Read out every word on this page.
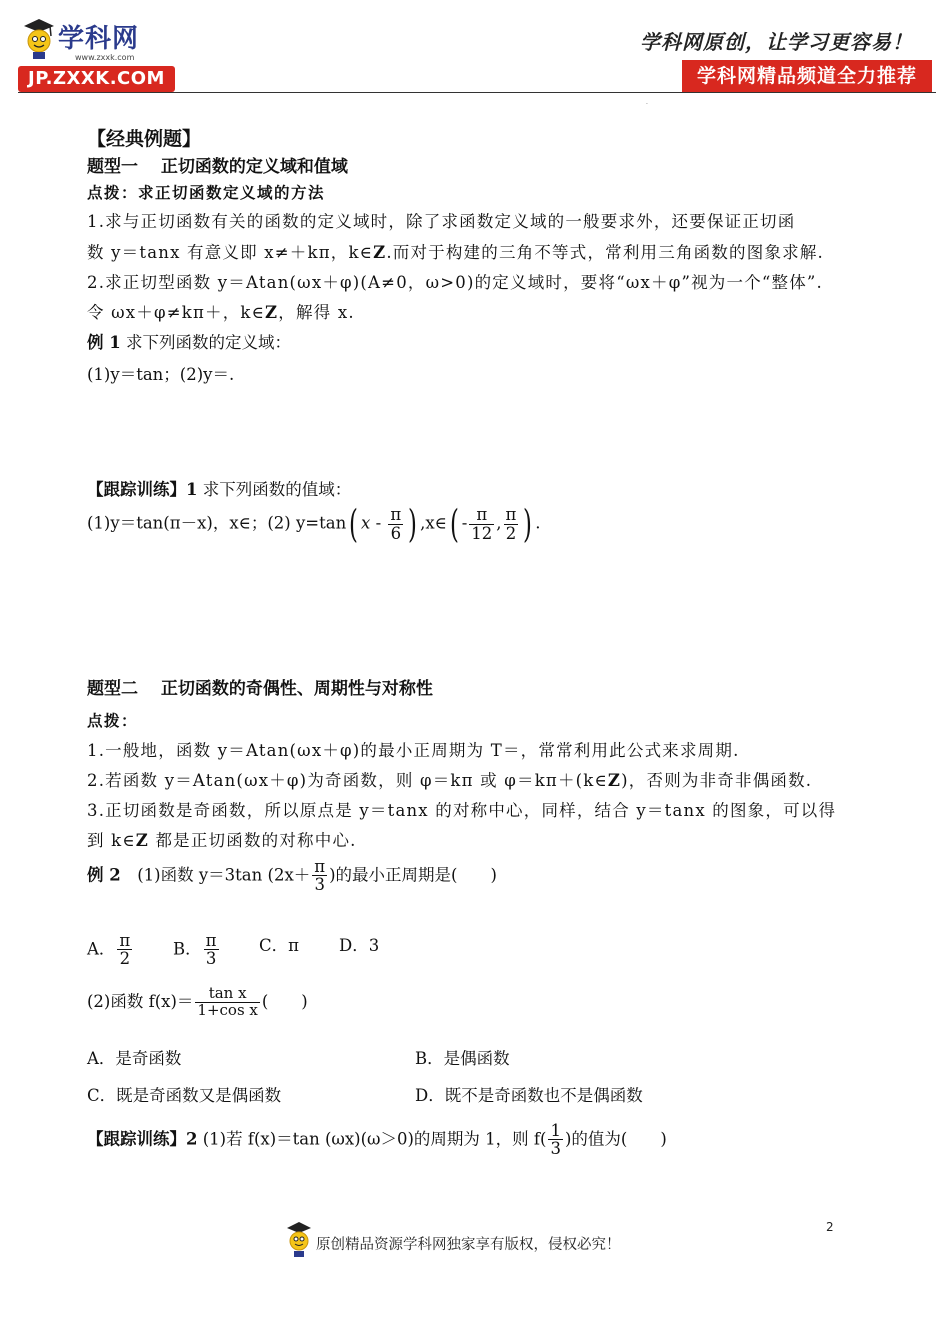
学科网
www.zxxk.com
JP.ZXXK.COM
学科网原创，让学习更容易！
学科网精品频道全力推荐
.
【经典例题】
题型一　 正切函数的定义域和值域
点拨：求正切函数定义域的方法
1.求与正切函数有关的函数的定义域时，除了求函数定义域的一般要求外，还要保证正切函
数 y＝tanx 有意义即 x≠＋kπ，k∈Z.而对于构建的三角不等式，常利用三角函数的图象求解.
2.求正切型函数 y＝Atan(ωx＋φ)(A≠0，ω>0)的定义域时，要将“ωx＋φ”视为一个“整体”.
令 ωx＋φ≠kπ＋，k∈Z，解得 x.
例 1 求下列函数的定义域：
(1)y＝tan；(2)y＝.
【跟踪训练】1 求下列函数的值域：
(1)y＝tan(π－x)，x∈；(2) y=tan( x - $\frac{\pi}{6}$ ) ,x∈( - $\frac{\pi}{12}$ , $\frac{\pi}{2}$ ) .
题型二　 正切函数的奇偶性、周期性与对称性
点拨：
1.一般地，函数 y＝Atan(ωx＋φ)的最小正周期为 T＝，常常利用此公式来求周期.
2.若函数 y＝Atan(ωx＋φ)为奇函数，则 φ＝kπ 或 φ＝kπ＋(k∈Z)，否则为非奇非偶函数.
3.正切函数是奇函数，所以原点是 y＝tanx 的对称中心，同样，结合 y＝tanx 的图象，可以得
到 k∈Z 都是正切函数的对称中心.
例 2　(1)函数 y＝3tan ($2x+ \frac{\pi}{3}$ )的最小正周期是(　　)
A． $\frac{\pi}{2}$ B． $\frac{\pi}{3}$ C．π D．3
(2)函数 $f(x)= \frac{\text{tan x}}{\text{1+cos x}}$ (　　)
A．是奇函数	B．是偶函数
C．既是奇函数又是偶函数	D．既不是奇函数也不是偶函数
【跟踪训练】2 (1)若 f(x)＝tan (ωx)(ω＞0)的周期为 1，则 $f( \frac{1}{3}$ )的值为(　　)
原创精品资源学科网独家享有版权，侵权必究！
2
